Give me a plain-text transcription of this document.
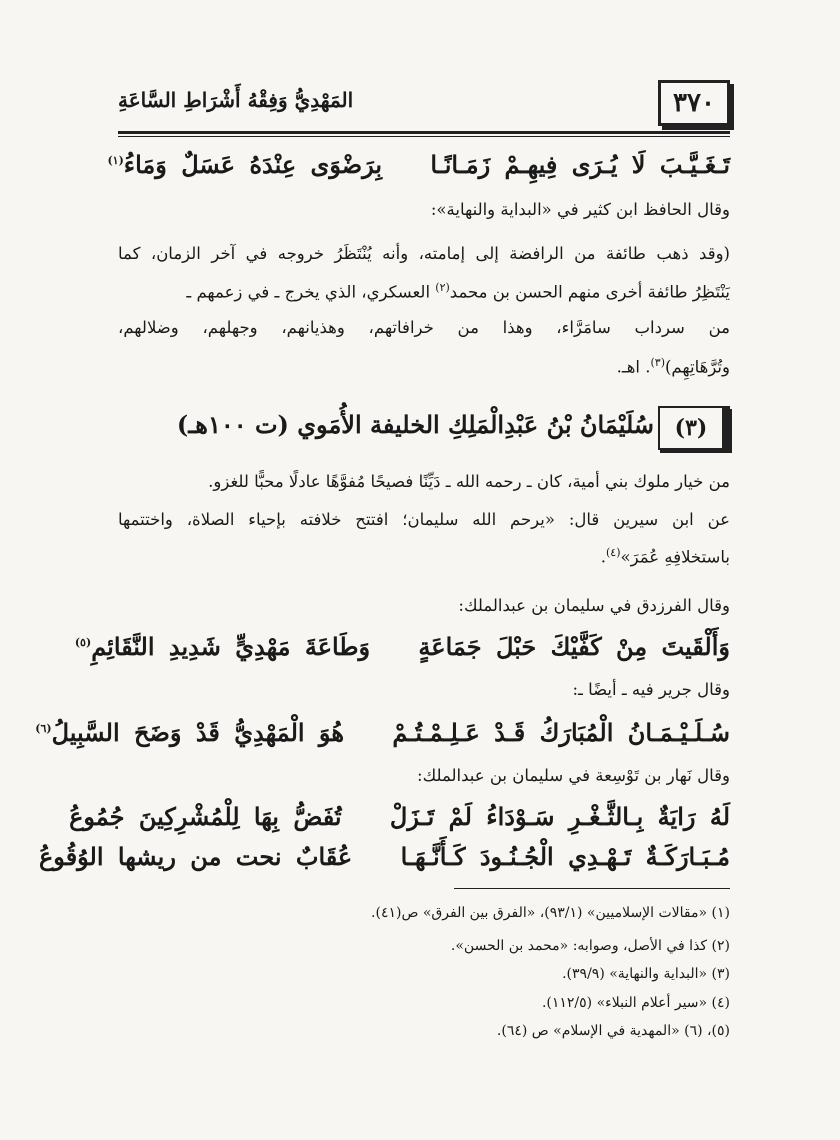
٣٧٠
المَهْدِيُّ وَفِقْهُ أَشْرَاطِ السَّاعَةِ
تَـغَـيَّـبَ لَا يُـرَى فِيهِـمْ زَمَـانًـا بِرَضْوَى عِنْدَهُ عَسَلٌ وَمَاءُ$^{(١)}$
وقال الحافظ ابن كثير في «البداية والنهاية»:
(وقد ذهب طائفة من الرافضة إلى إمامته، وأنه يُنْتَظَرُ خروجه في آخر الزمان، كما
يَنْتَظِرُ طائفة أخرى منهم الحسن بن محمد$^{(٢)}$ العسكري، الذي يخرج ـ في زعمهم ـ
من سرداب سامَرَّاء، وهذا من خرافاتهم، وهذيانهم، وجهلهم، وضلالهم،
وتُرَّهَاتِهِم)$^{(٣)}$. اهـ.
(٣)
سُلَيْمَانُ بْنُ عَبْدِالْمَلِكِ الخليفة الأُمَوي (ت ١٠٠هـ)
من خيار ملوك بني أمية، كان ـ رحمه الله ـ دَيِّنًا فصيحًا مُفوَّهًا عادلًا محبًّا للغزو.
عن ابن سيرين قال: «يرحم الله سليمان؛ افتتح خلافته بإحياء الصلاة، واختتمها
باستخلافِهِ عُمَرَ»$^{(٤)}$.
وقال الفرزدق في سليمان بن عبدالملك:
وَأَلْقَيتَ مِنْ كَفَّيْكَ حَبْلَ جَمَاعَةٍ وَطَاعَةَ مَهْدِيٍّ شَدِيدِ النَّقَائِمِ$^{(٥)}$
وقال جرير فيه ـ أيضًا ـ:
سُـلَـيْـمَـانُ الْمُبَارَكُ قَـدْ عَـلِـمْـتُـمْ هُوَ الْمَهْدِيُّ قَدْ وَضَحَ السَّبِيلُ$^{(٦)}$
وقال نَهار بن تَوْسِعة في سليمان بن عبدالملك:
لَهُ رَايَةٌ بِـالثَّـغْـرِ سَـوْدَاءُ لَمْ تَـزَلْ تُفَضُّ بِهَا لِلْمُشْرِكِينَ جُمُوعُ
مُـبَـارَكَـةٌ تَـهْـدِي الْجُـنُـودَ كَـأَنَّـهَـا عُقَابٌ نحت من ريشها الوُقُوعُ
(١) «مقالات الإسلاميين» (٩٣/١)، «الفرق بين الفرق» ص(٤١).
(٢) كذا في الأصل، وصوابه: «محمد بن الحسن».
(٣) «البداية والنهاية» (٣٩/٩).
(٤) «سير أعلام النبلاء» (١١٢/٥).
(٥)، (٦) «المهدية في الإسلام» ص (٦٤).
